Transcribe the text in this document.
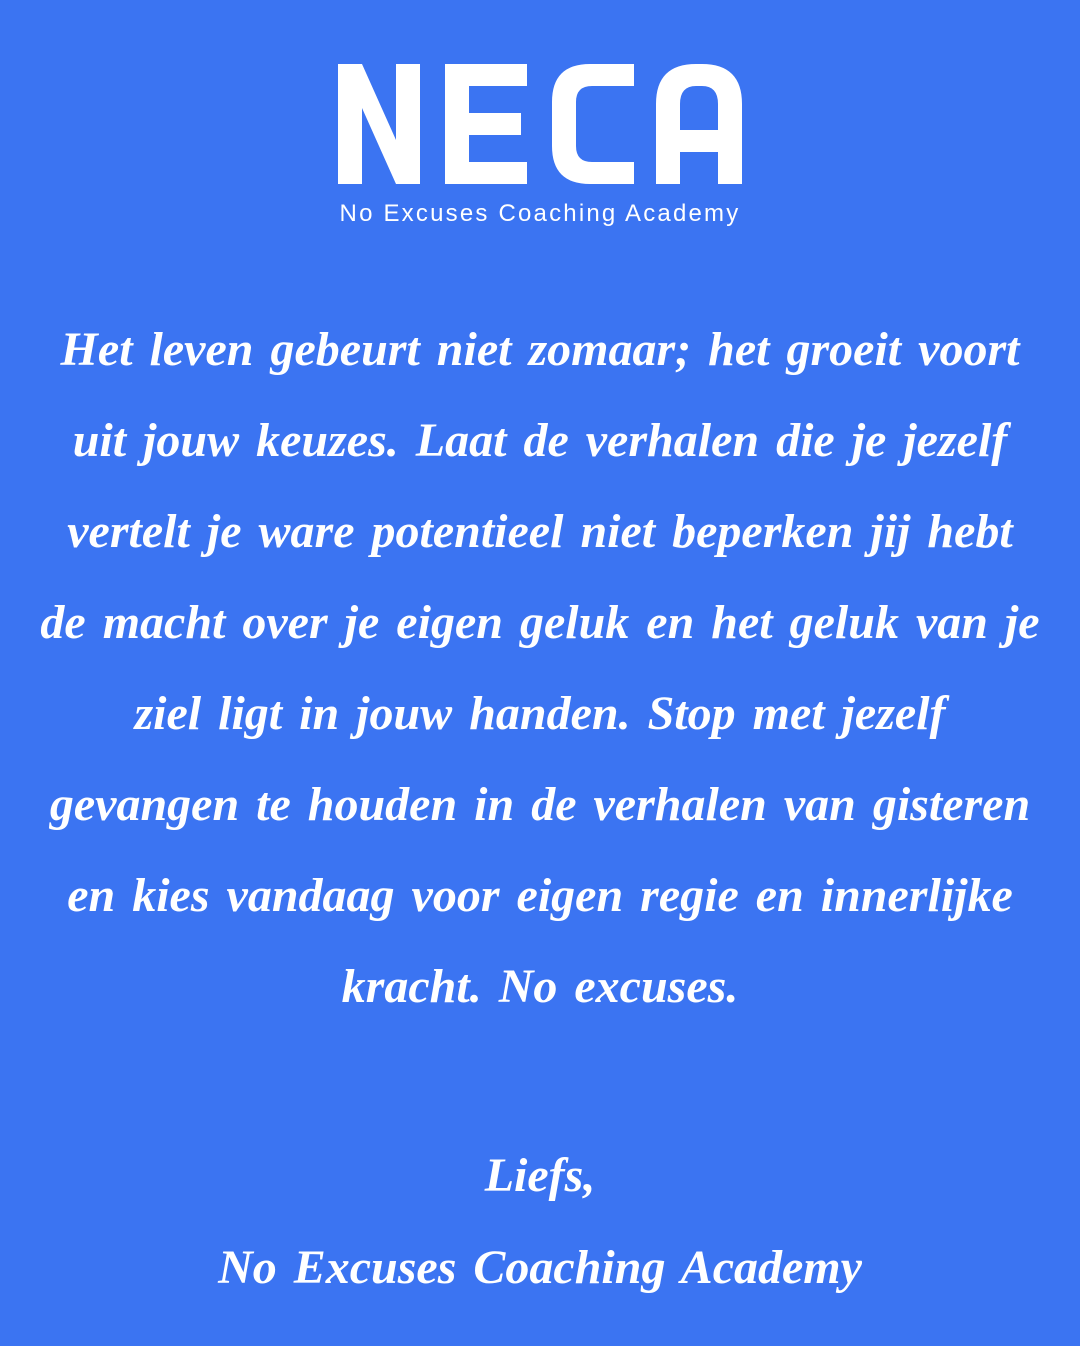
No Excuses Coaching Academy
Het leven gebeurt niet zomaar; het groeit voort
uit jouw keuzes. Laat de verhalen die je jezelf
vertelt je ware potentieel niet beperken jij hebt
de macht over je eigen geluk en het geluk van je
ziel ligt in jouw handen. Stop met jezelf
gevangen te houden in de verhalen van gisteren
en kies vandaag voor eigen regie en innerlijke
kracht. No excuses.
Liefs,
No Excuses Coaching Academy
